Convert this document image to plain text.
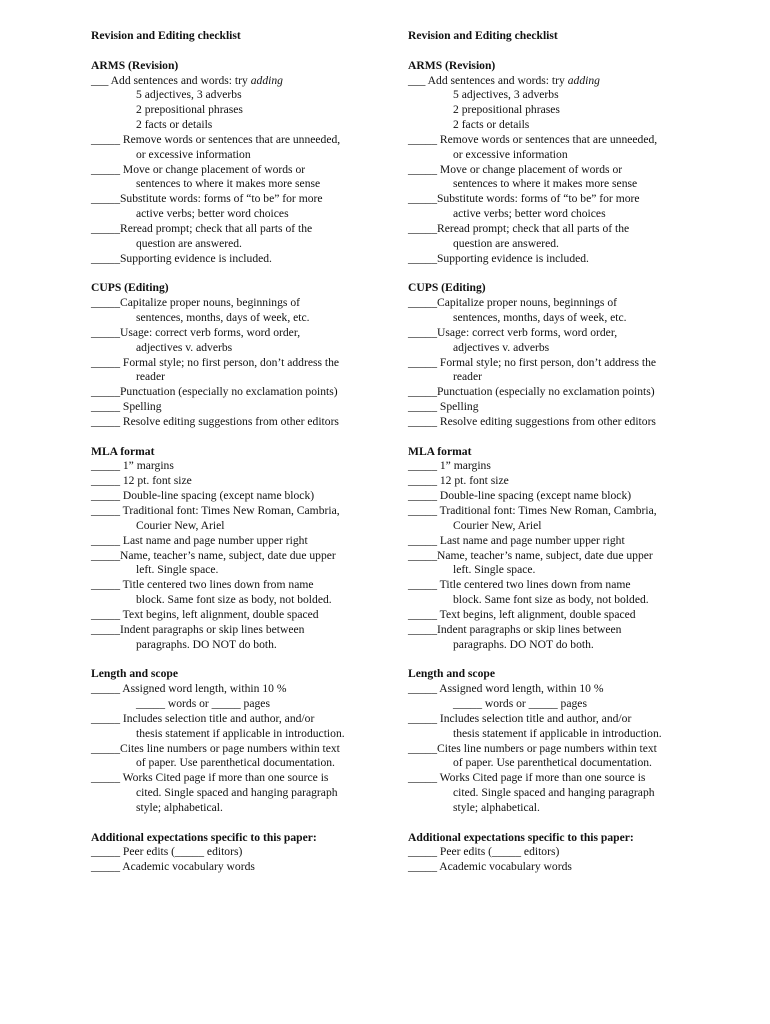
Revision and Editing checklist
ARMS (Revision)
___ Add sentences and words: try adding
5 adjectives, 3 adverbs
2 prepositional phrases
2 facts or details
_____ Remove words or sentences that are unneeded,
or excessive information
_____ Move or change placement of words or
sentences to where it makes more sense
_____Substitute words: forms of “to be” for more
active verbs; better word choices
_____Reread prompt; check that all parts of the
question are answered.
_____Supporting evidence is included.
CUPS (Editing)
_____Capitalize proper nouns, beginnings of
sentences, months, days of week, etc.
_____Usage: correct verb forms, word order,
adjectives v. adverbs
_____ Formal style; no first person, don’t address the
reader
_____Punctuation (especially no exclamation points)
_____ Spelling
_____ Resolve editing suggestions from other editors
MLA format
_____ 1” margins
_____ 12 pt. font size
_____ Double-line spacing (except name block)
_____ Traditional font: Times New Roman, Cambria,
Courier New, Ariel
_____ Last name and page number upper right
_____Name, teacher’s name, subject, date due upper
left. Single space.
_____ Title centered two lines down from name
block. Same font size as body, not bolded.
_____ Text begins, left alignment, double spaced
_____Indent paragraphs or skip lines between
paragraphs. DO NOT do both.
Length and scope
_____ Assigned word length, within 10 %
_____ words or _____ pages
_____ Includes selection title and author, and/or
thesis statement if applicable in introduction.
_____Cites line numbers or page numbers within text
of paper. Use parenthetical documentation.
_____ Works Cited page if more than one source is
cited. Single spaced and hanging paragraph
style; alphabetical.
Additional expectations specific to this paper:
_____ Peer edits (_____ editors)
_____ Academic vocabulary words
Revision and Editing checklist
ARMS (Revision)
___ Add sentences and words: try adding
5 adjectives, 3 adverbs
2 prepositional phrases
2 facts or details
_____ Remove words or sentences that are unneeded,
or excessive information
_____ Move or change placement of words or
sentences to where it makes more sense
_____Substitute words: forms of “to be” for more
active verbs; better word choices
_____Reread prompt; check that all parts of the
question are answered.
_____Supporting evidence is included.
CUPS (Editing)
_____Capitalize proper nouns, beginnings of
sentences, months, days of week, etc.
_____Usage: correct verb forms, word order,
adjectives v. adverbs
_____ Formal style; no first person, don’t address the
reader
_____Punctuation (especially no exclamation points)
_____ Spelling
_____ Resolve editing suggestions from other editors
MLA format
_____ 1” margins
_____ 12 pt. font size
_____ Double-line spacing (except name block)
_____ Traditional font: Times New Roman, Cambria,
Courier New, Ariel
_____ Last name and page number upper right
_____Name, teacher’s name, subject, date due upper
left. Single space.
_____ Title centered two lines down from name
block. Same font size as body, not bolded.
_____ Text begins, left alignment, double spaced
_____Indent paragraphs or skip lines between
paragraphs. DO NOT do both.
Length and scope
_____ Assigned word length, within 10 %
_____ words or _____ pages
_____ Includes selection title and author, and/or
thesis statement if applicable in introduction.
_____Cites line numbers or page numbers within text
of paper. Use parenthetical documentation.
_____ Works Cited page if more than one source is
cited. Single spaced and hanging paragraph
style; alphabetical.
Additional expectations specific to this paper:
_____ Peer edits (_____ editors)
_____ Academic vocabulary words
